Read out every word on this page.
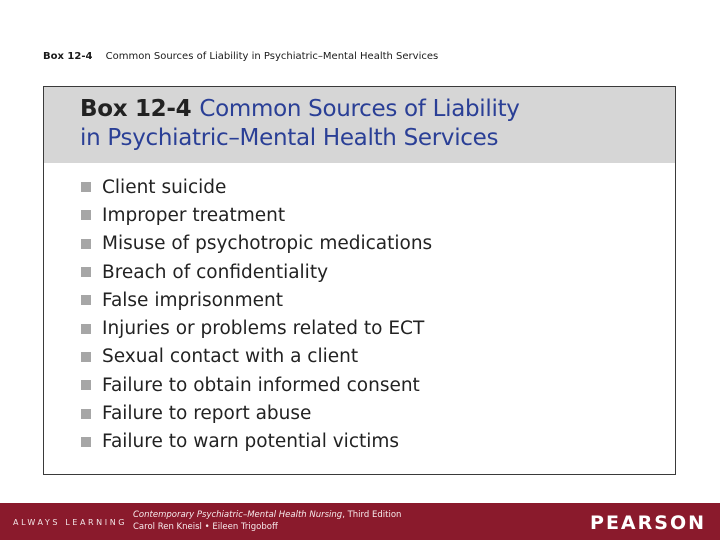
Box 12-4 Common Sources of Liability in Psychiatric–Mental Health Services
Box 12-4 Common Sources of Liability
in Psychiatric–Mental Health Services
Client suicide
Improper treatment
Misuse of psychotropic medications
Breach of confidentiality
False imprisonment
Injuries or problems related to ECT
Sexual contact with a client
Failure to obtain informed consent
Failure to report abuse
Failure to warn potential victims
ALWAYS LEARNING
Contemporary Psychiatric–Mental Health Nursing, Third Edition
Carol Ren Kneisl • Eileen Trigoboff	PEARSON
